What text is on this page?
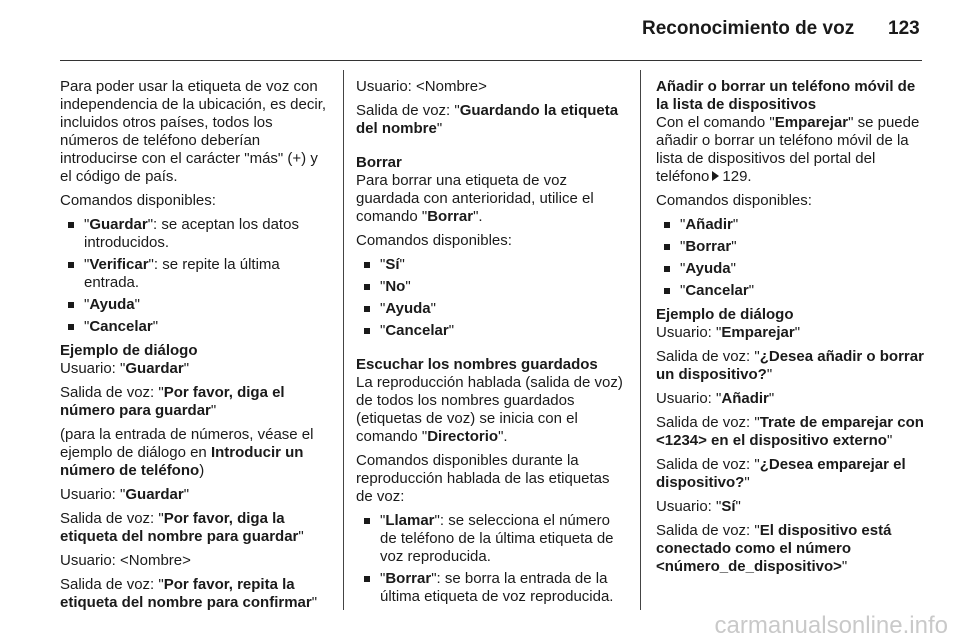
Reconocimiento de voz 123

Para poder usar la etiqueta de voz con independencia de la ubicación, es decir, incluidos otros países, todos los números de teléfono deberían introducirse con el carácter "más" (+) y el código de país.

Comandos disponibles:

"Guardar": se aceptan los datos introducidos.
"Verificar": se repite la última entrada.
"Ayuda"
"Cancelar"
Ejemplo de diálogo

Usuario: "Guardar"

Salida de voz: "Por favor, diga el número para guardar"

(para la entrada de números, véase el ejemplo de diálogo en Introducir un número de teléfono)

Usuario: "Guardar"

Salida de voz: "Por favor, diga la etiqueta del nombre para guardar"

Usuario: <Nombre>

Salida de voz: "Por favor, repita la etiqueta del nombre para confirmar"

Usuario: <Nombre>

Salida de voz: "Guardando la etiqueta del nombre"

Borrar

Para borrar una etiqueta de voz guardada con anterioridad, utilice el comando "Borrar".

Comandos disponibles:

"Sí"
"No"
"Ayuda"
"Cancelar"
Escuchar los nombres guardados

La reproducción hablada (salida de voz) de todos los nombres guardados (etiquetas de voz) se inicia con el comando "Directorio".

Comandos disponibles durante la reproducción hablada de las etiquetas de voz:

"Llamar": se selecciona el número de teléfono de la última etiqueta de voz reproducida.
"Borrar": se borra la entrada de la última etiqueta de voz reproducida.
Añadir o borrar un teléfono móvil de la lista de dispositivos

Con el comando "Emparejar" se puede añadir o borrar un teléfono móvil de la lista de dispositivos del portal del teléfono 129.

Comandos disponibles:

"Añadir"
"Borrar"
"Ayuda"
"Cancelar"
Ejemplo de diálogo

Usuario: "Emparejar"

Salida de voz: "¿Desea añadir o borrar un dispositivo?"

Usuario: "Añadir"

Salida de voz: "Trate de emparejar con <1234> en el dispositivo externo"

Salida de voz: "¿Desea emparejar el dispositivo?"

Usuario: "Sí"

Salida de voz: "El dispositivo está conectado como el número <número_de_dispositivo>"

carmanualsonline.info
